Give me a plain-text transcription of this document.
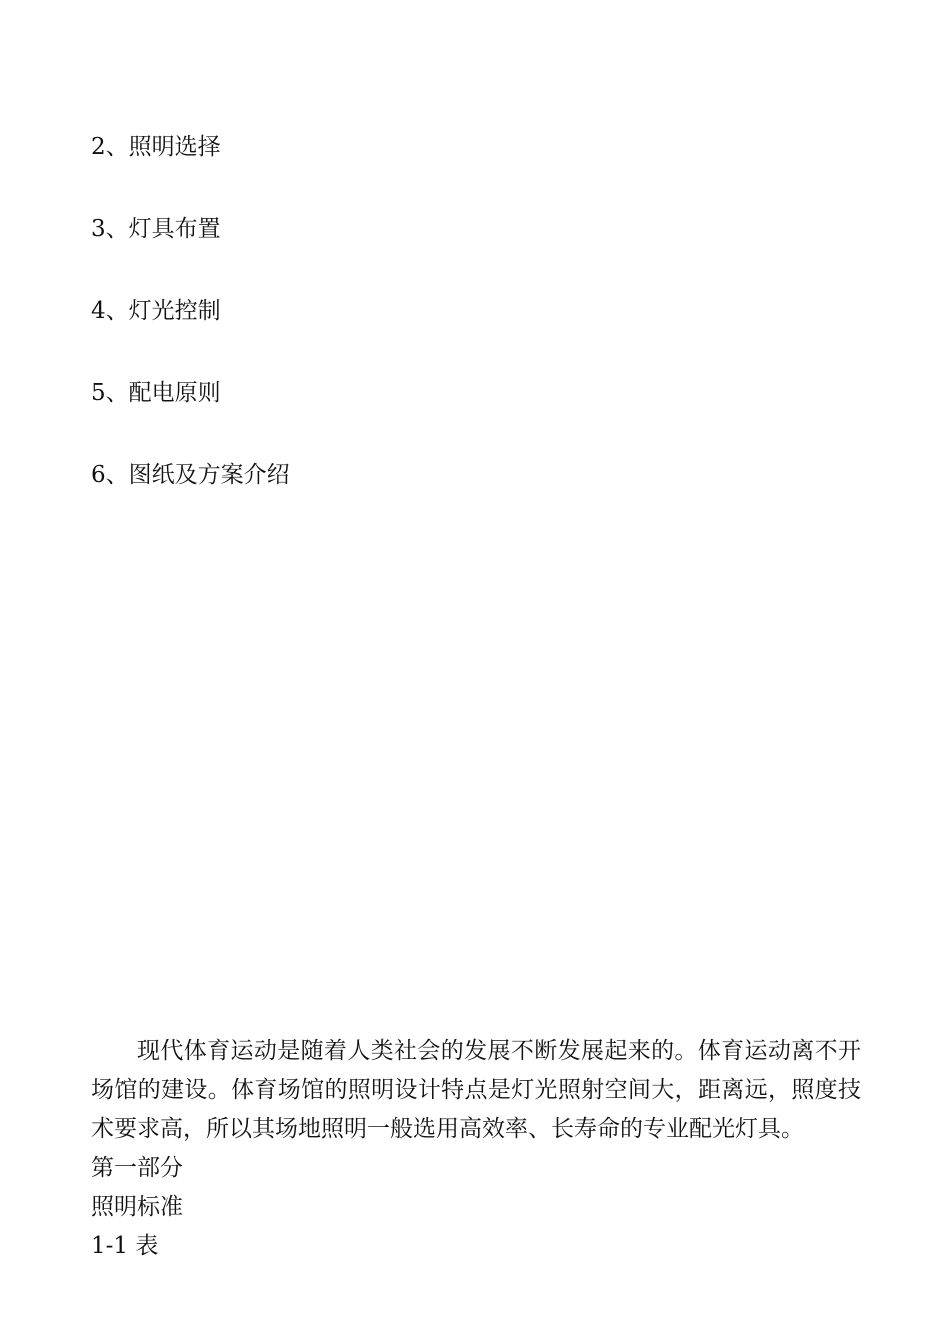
2、照明选择
3、灯具布置
4、灯光控制
5、配电原则
6、图纸及方案介绍

现代体育运动是随着人类社会的发展不断发展起来的。体育运动离不开场馆的建设。体育场馆的照明设计特点是灯光照射空间大，距离远，照度技术要求高，所以其场地照明一般选用高效率、长寿命的专业配光灯具。

第一部分

照明标准

1-1 表
